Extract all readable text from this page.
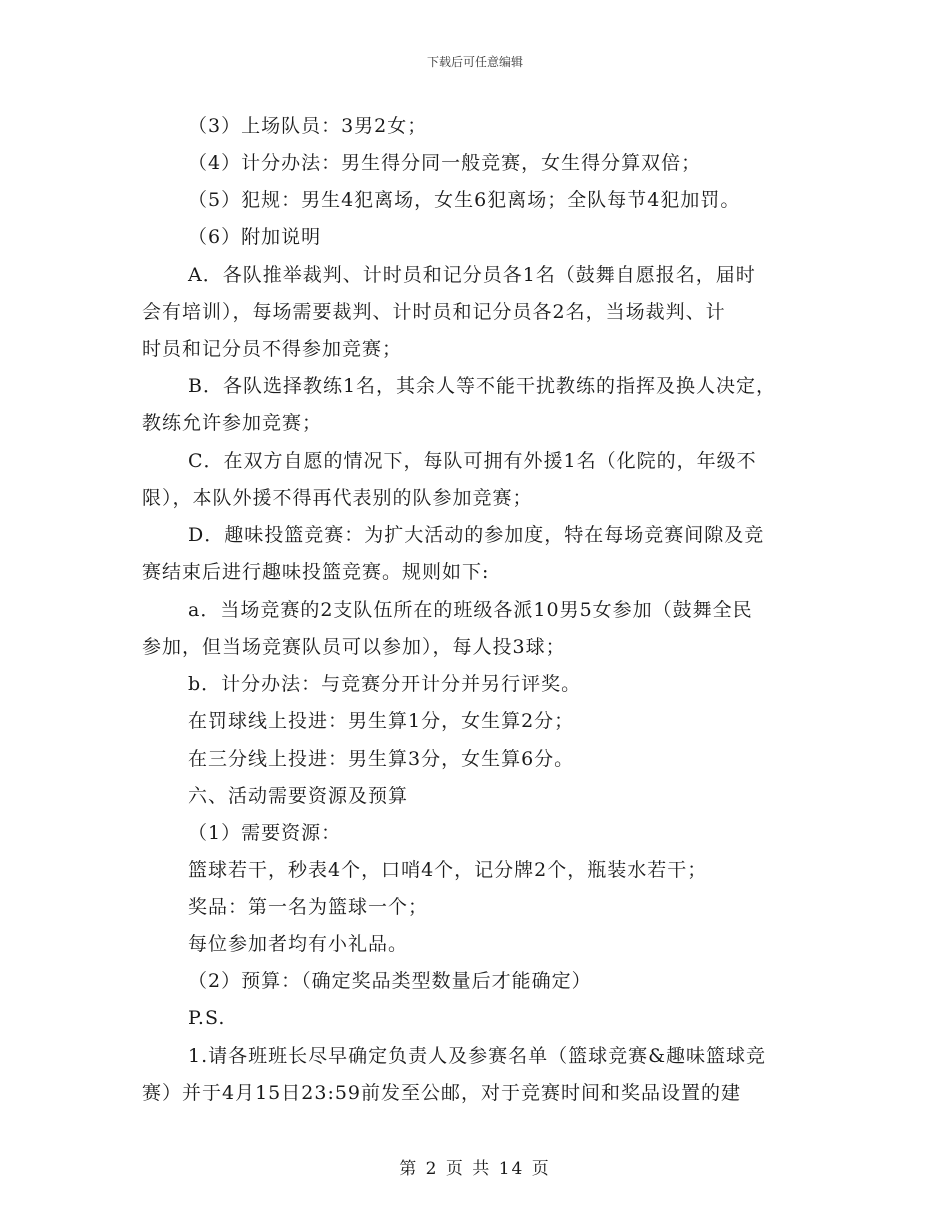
下载后可任意编辑
（3）上场队员：3男2女；
（4）计分办法：男生得分同一般竞赛，女生得分算双倍；
（5）犯规：男生4犯离场，女生6犯离场；全队每节4犯加罚。
（6）附加说明
A．各队推举裁判、计时员和记分员各1名（鼓舞自愿报名，届时
会有培训），每场需要裁判、计时员和记分员各2名，当场裁判、计
时员和记分员不得参加竞赛；
B．各队选择教练1名，其余人等不能干扰教练的指挥及换人决定，
教练允许参加竞赛；
C．在双方自愿的情况下，每队可拥有外援1名（化院的，年级不
限），本队外援不得再代表别的队参加竞赛；
D．趣味投篮竞赛：为扩大活动的参加度，特在每场竞赛间隙及竞
赛结束后进行趣味投篮竞赛。规则如下:
a．当场竞赛的2支队伍所在的班级各派10男5女参加（鼓舞全民
参加，但当场竞赛队员可以参加），每人投3球；
b．计分办法：与竞赛分开计分并另行评奖。
在罚球线上投进：男生算1分，女生算2分；
在三分线上投进：男生算3分，女生算6分。
六、活动需要资源及预算
（1）需要资源：
篮球若干，秒表4个，口哨4个，记分牌2个，瓶装水若干；
奖品：第一名为篮球一个；
每位参加者均有小礼品。
（2）预算：（确定奖品类型数量后才能确定）
P.S.
1.请各班班长尽早确定负责人及参赛名单（篮球竞赛&趣味篮球竞
赛）并于4月15日23:59前发至公邮，对于竞赛时间和奖品设置的建
第 2 页 共 14 页
